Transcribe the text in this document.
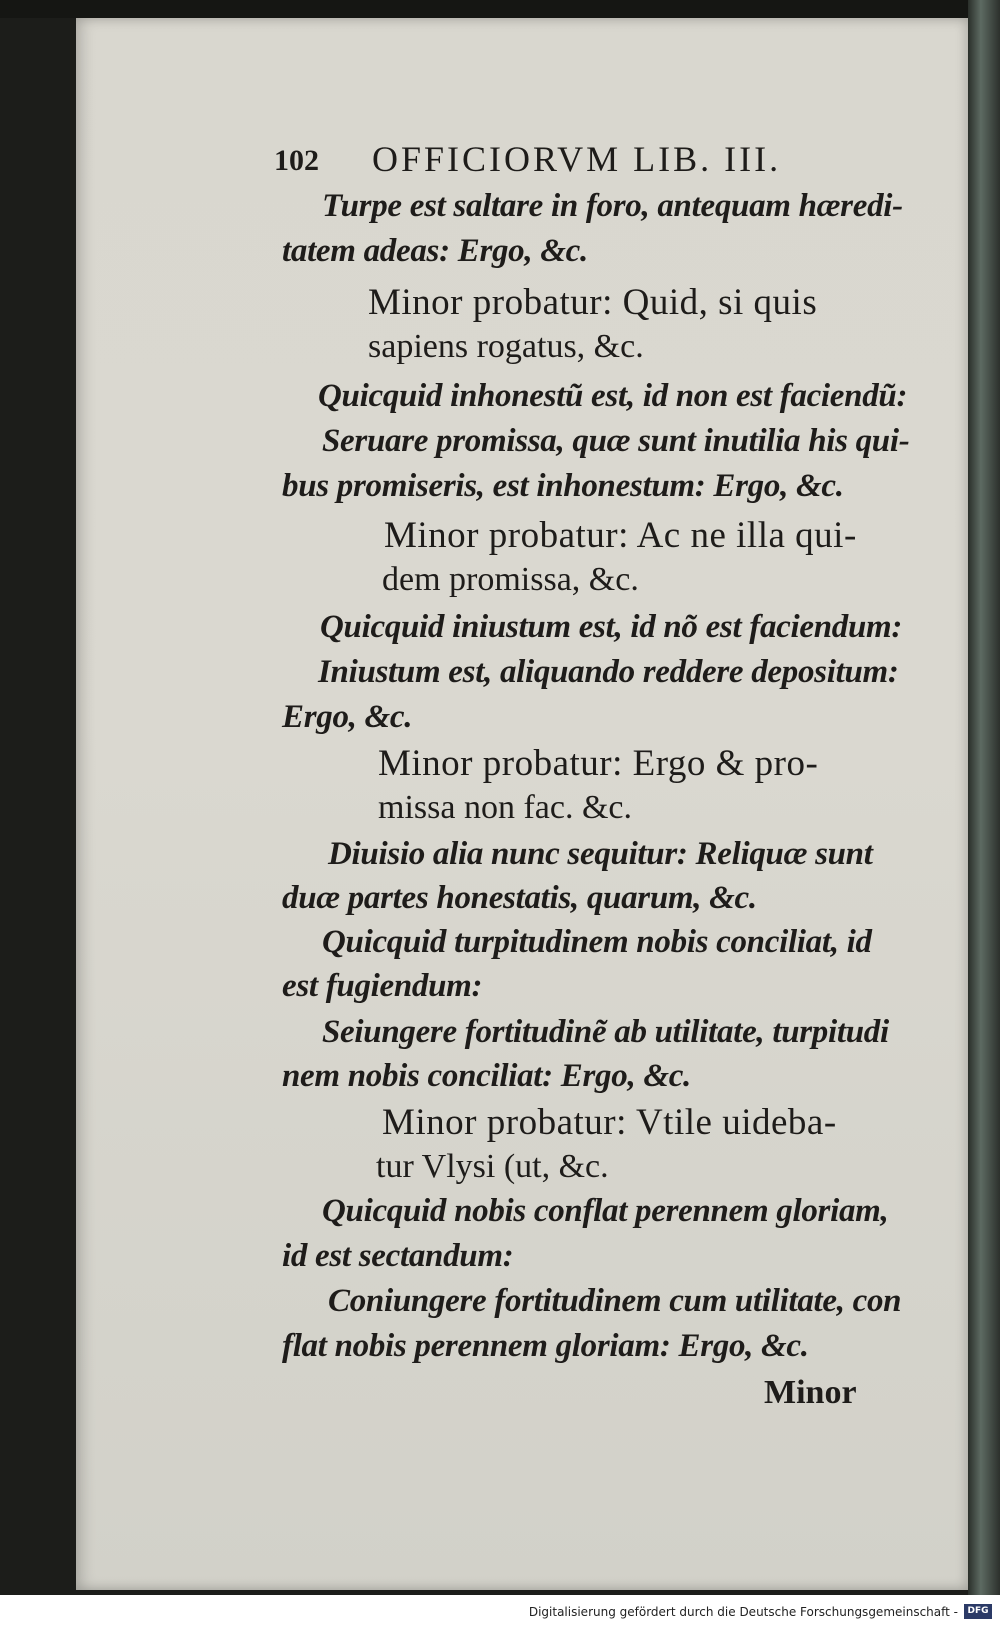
102 OFFICIORVM LIB. III.
Turpe est saltare in foro, antequam hæredi-
tatem adeas: Ergo, &c.
Minor probatur: Quid, si quis
sapiens rogatus, &c.
Quicquid inhonestũ est, id non est faciendũ:
Seruare promissa, quæ sunt inutilia his qui-
bus promiseris, est inhonestum: Ergo, &c.
Minor probatur: Ac ne illa qui-
dem promissa, &c.
Quicquid iniustum est, id nõ est faciendum:
Iniustum est, aliquando reddere depositum:
Ergo, &c.
Minor probatur: Ergo & pro-
missa non fac. &c.
Diuisio alia nunc sequitur: Reliquæ sunt
duæ partes honestatis, quarum, &c.
Quicquid turpitudinem nobis conciliat, id
est fugiendum:
Seiungere fortitudinẽ ab utilitate, turpitudi
nem nobis conciliat: Ergo, &c.
Minor probatur: Vtile uideba-
tur Vlysi (ut, &c.
Quicquid nobis conflat perennem gloriam,
id est sectandum:
Coniungere fortitudinem cum utilitate, con
flat nobis perennem gloriam: Ergo, &c.
Minor
Digitalisierung gefördert durch die Deutsche Forschungsgemeinschaft -	DFG
